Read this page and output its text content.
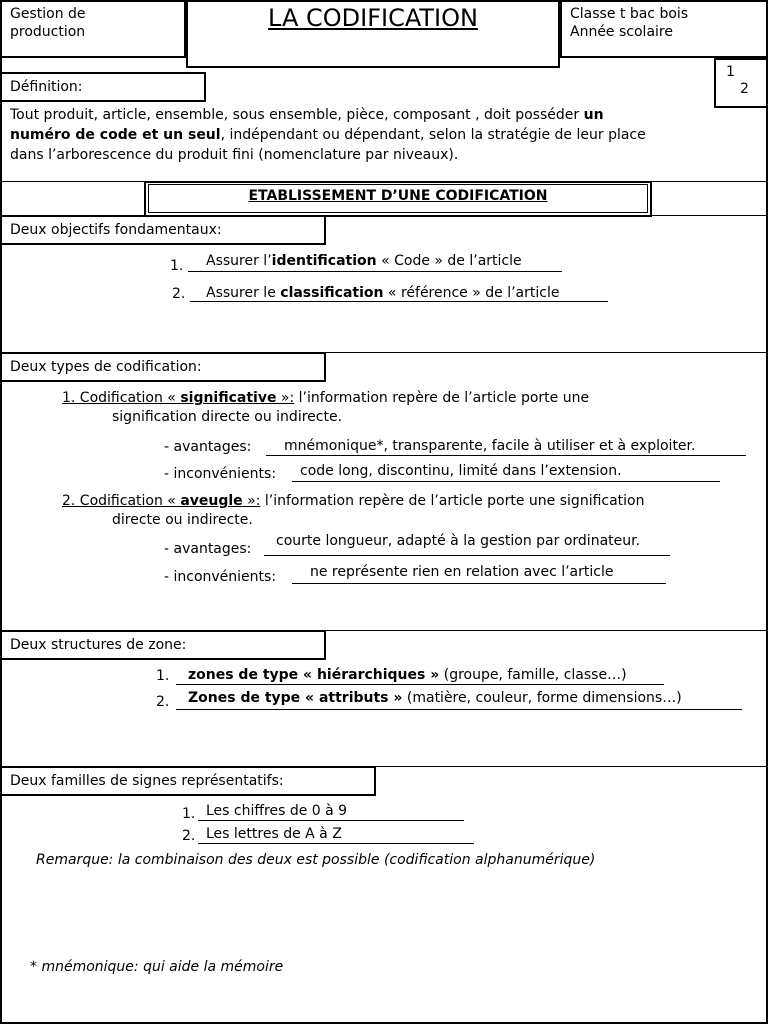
Gestion de
production	LA CODIFICATION	Classe t bac bois
Année scolaire
1
2
Définition:
Tout produit, article, ensemble, sous ensemble, pièce, composant , doit posséder un
numéro de code et un seul, indépendant ou dépendant, selon la stratégie de leur place
dans l’arborescence du produit fini (nomenclature par niveaux).
ETABLISSEMENT D’UNE CODIFICATION
Deux objectifs fondamentaux:
1. Assurer l’identification « Code » de l’article
2. Assurer le classification « référence » de l’article
Deux types de codification:
1. Codification « significative »: l’information repère de l’article porte une
signification directe ou indirecte.
- avantages: mnémonique*, transparente, facile à utiliser et à exploiter.
- inconvénients: code long, discontinu, limité dans l’extension.
2. Codification « aveugle »: l’information repère de l’article porte une signification
directe ou indirecte.
- avantages: courte longueur, adapté à la gestion par ordinateur.
- inconvénients: ne représente rien en relation avec l’article
Deux structures de zone:
1. zones de type « hiérarchiques » (groupe, famille, classe…)
2. Zones de type « attributs » (matière, couleur, forme dimensions…)
Deux familles de signes représentatifs:
1. Les chiffres de 0 à 9
2. Les lettres de A à Z
Remarque: la combinaison des deux est possible (codification alphanumérique)
* mnémonique: qui aide la mémoire
